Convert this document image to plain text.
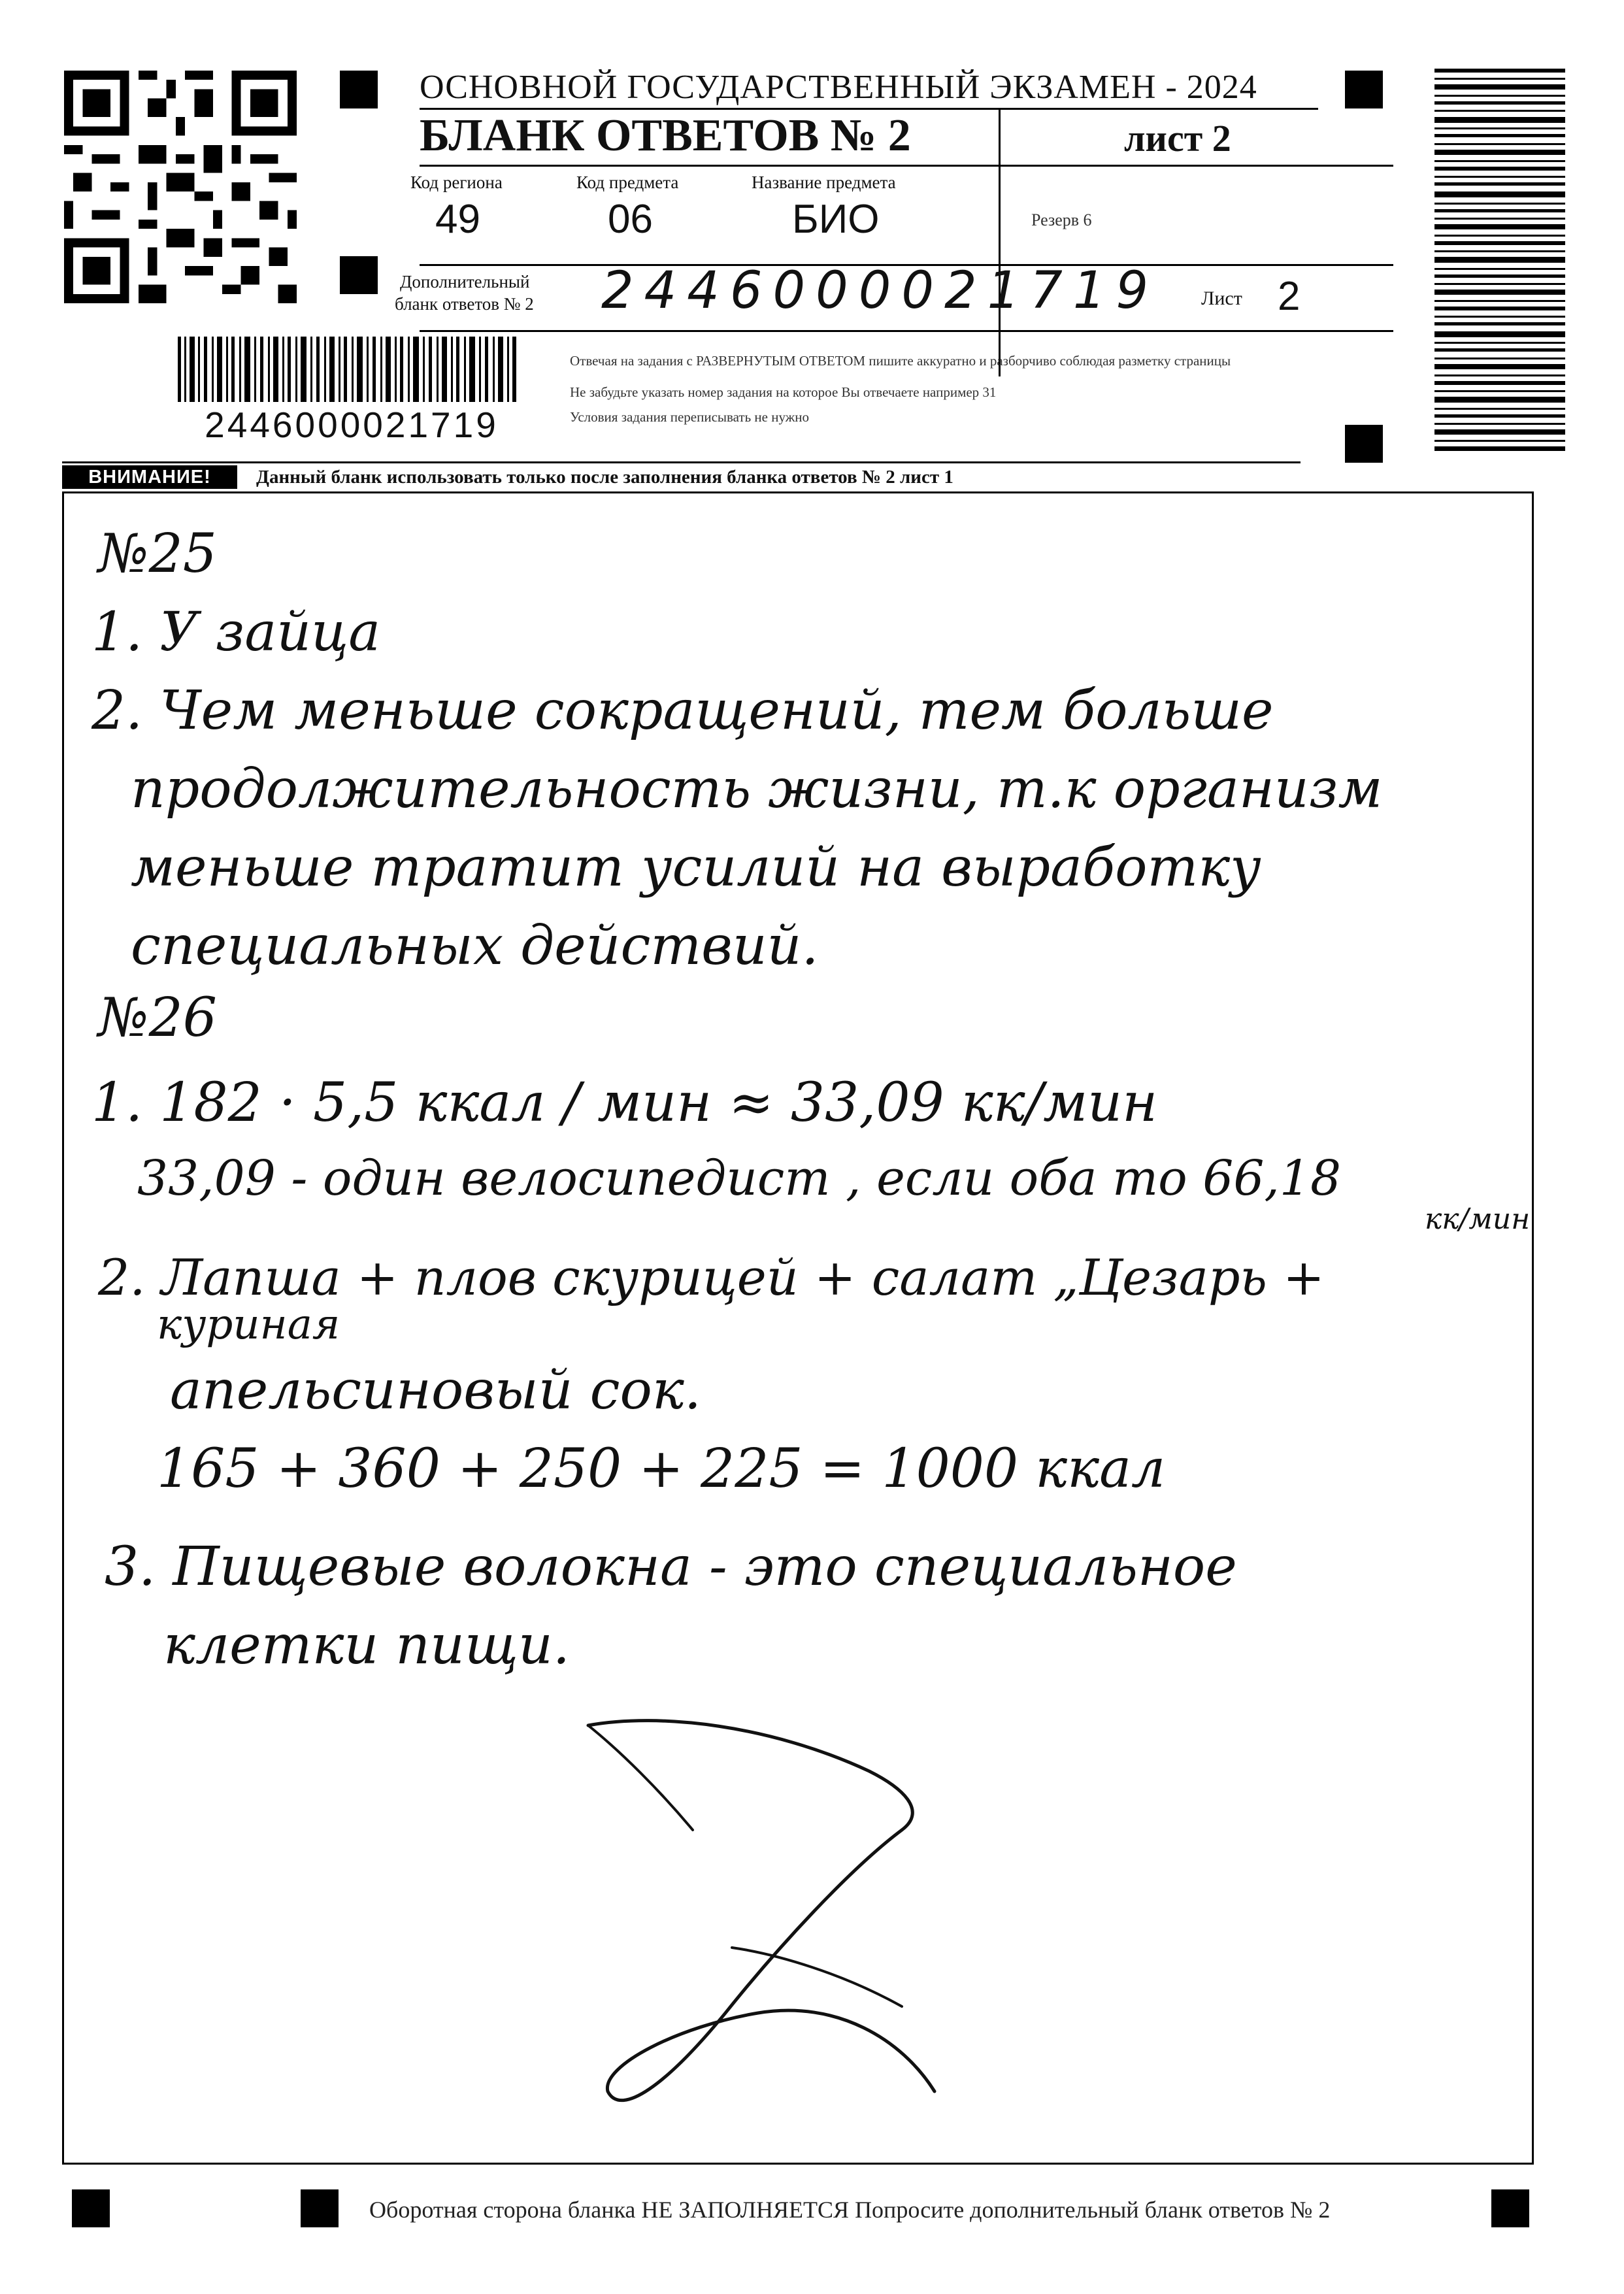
2446000021719
ОСНОВНОЙ ГОСУДАРСТВЕННЫЙ ЭКЗАМЕН - 2024
БЛАНК ОТВЕТОВ № 2	лист 2
Код региона
49
Код предмета
06
Название предмета
БИО	Резерв 6
Дополнительный
бланк ответов № 2 2446000021719 Лист 2
Отвечая на задания с РАЗВЕРНУТЫМ ОТВЕТОМ пишите аккуратно и разборчиво соблюдая разметку страницы
Не забудьте указать номер задания на которое Вы отвечаете например 31
Условия задания переписывать не нужно
ВНИМАНИЕ!	Данный бланк использовать только после заполнения бланка ответов № 2 лист 1
№25
1. У зайца
2. Чем меньше сокращений, тем больше
продолжительность жизни, т.к организм
меньше тратит усилий на выработку
специальных действий.
№26
1. 182 · 5,5 ккал / мин ≈ 33,09 кк/мин
33,09 - один велосипедист , если оба то 66,18
кк/мин
2. Лапша + плов скурицей + салат „Цезарь +
куриная
апельсиновый сок.
165 + 360 + 250 + 225 = 1000 ккал
3. Пищевые волокна - это специальное
клетки пищи.
Оборотная сторона бланка НЕ ЗАПОЛНЯЕТСЯ Попросите дополнительный бланк ответов № 2
